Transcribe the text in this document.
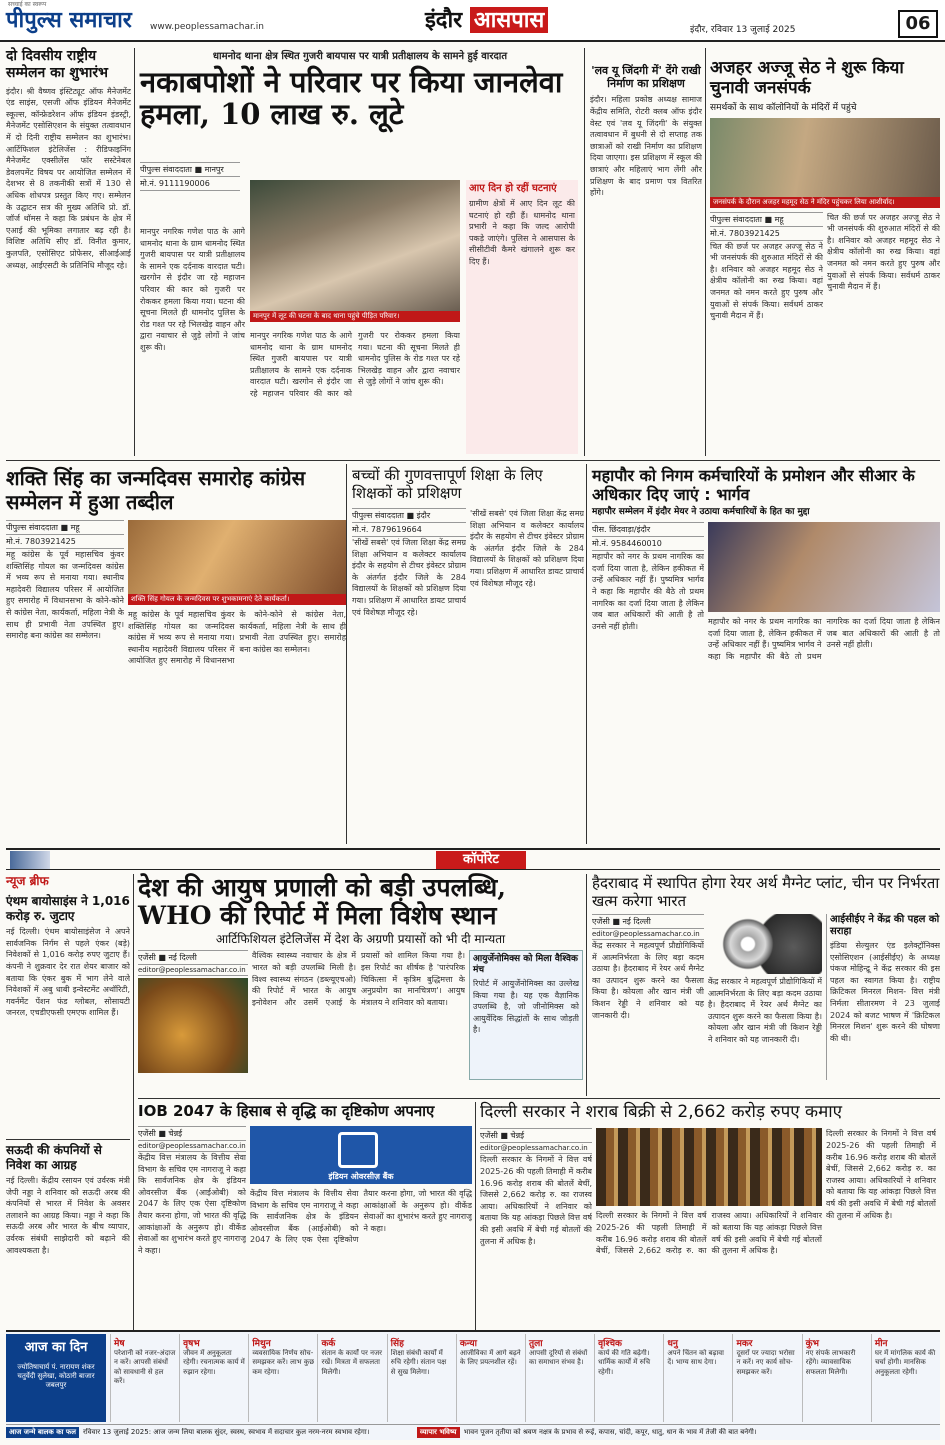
सच्चाई का स्वरूप
पीपुल्स समाचार www.peoplessamachar.in	इंदौर आसपास	इंदौर, रविवार 13 जुलाई 2025	06
दो दिवसीय राष्ट्रीय सम्मेलन का शुभारंभ
इंदौर। श्री वैष्णव इंस्टिट्यूट ऑफ मैनेजमेंट एंड साइंस, एसजी ऑफ इंडियन मैनेजमेंट स्कूल्स, कॉन्फ्रेडरेशन ऑफ इंडियन इंडस्ट्री, मैनेजमेंट एसोसिएशन के संयुक्त तत्वावधान में दो दिनी राष्ट्रीय सम्मेलन का शुभारंभ। आर्टिफिशल इंटेलिजेंस : रीडिफाइनिंग मैनेजमेंट एक्सीलेंस फॉर सस्टेनेबल डेवलपमेंट विषय पर आयोजित सम्मेलन में देशभर से 8 तकनीकी सत्रों में 130 से अधिक शोधपत्र प्रस्तुत किए गए। सम्मेलन के उद्घाटन सत्र की मुख्य अतिथि प्रो. डॉ. जॉर्ज थॉमस ने कहा कि प्रबंधन के क्षेत्र में एआई की भूमिका लगातार बढ़ रही है। विशिष्ट अतिथि सीए डॉ. विनीत कुमार, कुलपति, एसोसिएट प्रोफेसर, सीआईआई अध्यक्ष, आईएसटी के प्रतिनिधि मौजूद रहे।
धामनोद थाना क्षेत्र स्थित गुजरी बायपास पर यात्री प्रतीक्षालय के सामने हुई वारदात
नकाबपोशों ने परिवार पर किया जानलेवा हमला, 10 लाख रु. लूटे
पीपुल्स संवाददाता ■ मानपुर
मो.नं. 9111190006
मानपुर में लूट की घटना के बाद थाना पहुंचे पीड़ित परिवार।
मानपुर नगरिक गणेश पाठ के आगे धामनोद थाना के ग्राम धामनोद स्थित गुजरी बायपास पर यात्री प्रतीक्षालय के सामने एक दर्दनाक वारदात घटी। खरगोन से इंदौर जा रहे महाजन परिवार की कार को गुजरी पर रोककर हमला किया गया। घटना की सूचना मिलते ही धामनोद पुलिस के रोड गश्त पर रहे भिलखेड़ वाहन और द्वारा नवाचार से जुड़े लोगों ने जांच शुरू की।
मानपुर नगरिक गणेश पाठ के आगे धामनोद थाना के ग्राम धामनोद स्थित गुजरी बायपास पर यात्री प्रतीक्षालय के सामने एक दर्दनाक वारदात घटी। खरगोन से इंदौर जा रहे महाजन परिवार की कार को गुजरी पर रोककर हमला किया गया। घटना की सूचना मिलते ही धामनोद पुलिस के रोड गश्त पर रहे भिलखेड़ वाहन और द्वारा नवाचार से जुड़े लोगों ने जांच शुरू की।
आए दिन हो रहीं घटनाएं
ग्रामीण क्षेत्रों में आए दिन लूट की घटनाएं हो रही हैं। धामनोद थाना प्रभारी ने कहा कि जल्द आरोपी पकड़े जाएंगे। पुलिस ने आसपास के सीसीटीवी कैमरे खंगालने शुरू कर दिए हैं।
'लव यू जिंदगी में' देंगे राखी निर्माण का प्रशिक्षण
इंदौर। महिला प्रकोष्ठ अध्यक्ष सामाज केंद्रीय समिति, रोटरी क्लब ऑफ इंदौर वेस्ट एवं 'लव यू जिंदगी' के संयुक्त तत्वावधान में बुधनी से दो सप्ताह तक छात्राओं को राखी निर्माण का प्रशिक्षण दिया जाएगा। इस प्रशिक्षण में स्कूल की छात्राएं और महिलाएं भाग लेंगी और प्रशिक्षण के बाद प्रमाण पत्र वितरित होंगे।
अजहर अज्जू सेठ ने शुरू किया चुनावी जनसंपर्क
समर्थकों के साथ कॉलोनियों के मंदिरों में पहुंचे
जनसंपर्क के दौरान अजहर महमूद सेठ ने मंदिर पहुंचकर लिया आशीर्वाद।
पीपुल्स संवाददाता ■ महू
मो.नं. 7803921425
चित की छर्ज पर अजहर अज्जू सेठ ने भी जनसंपर्क की शुरुआत मंदिरों से की है। शनिवार को अजहर महमूद सेठ ने क्षेत्रीय कॉलोनी का रुख किया। वहां जनमत को नमन करते हुए पुरुष और युवाओं से संपर्क किया। सर्वधर्म ठाकर चुनावी मैदान में हैं।
चित की छर्ज पर अजहर अज्जू सेठ ने भी जनसंपर्क की शुरुआत मंदिरों से की है। शनिवार को अजहर महमूद सेठ ने क्षेत्रीय कॉलोनी का रुख किया। वहां जनमत को नमन करते हुए पुरुष और युवाओं से संपर्क किया। सर्वधर्म ठाकर चुनावी मैदान में हैं।
शक्ति सिंह का जन्मदिवस समारोह कांग्रेस सम्मेलन में हुआ तब्दील
पीपुल्स संवाददाता ■ महू
मो.नं. 7803921425
महू कांग्रेस के पूर्व महासचिव कुंवर शक्तिसिंह गोयल का जन्मदिवस कांग्रेस में भव्य रूप से मनाया गया। स्थानीय महादेवरी विद्यालय परिसर में आयोजित हुए समारोह में विधानसभा के कोने-कोने से कांग्रेस नेता, कार्यकर्ता, महिला नेत्री के साथ ही प्रभावी नेता उपस्थित हुए। समारोह बना कांग्रेस का सम्मेलन।
शक्ति सिंह गोयल के जन्मदिवस पर शुभकामनाएं देते कार्यकर्ता।
महू कांग्रेस के पूर्व महासचिव कुंवर शक्तिसिंह गोयल का जन्मदिवस कांग्रेस में भव्य रूप से मनाया गया। स्थानीय महादेवरी विद्यालय परिसर में आयोजित हुए समारोह में विधानसभा के कोने-कोने से कांग्रेस नेता, कार्यकर्ता, महिला नेत्री के साथ ही प्रभावी नेता उपस्थित हुए। समारोह बना कांग्रेस का सम्मेलन।
बच्चों की गुणवत्तापूर्ण शिक्षा के लिए शिक्षकों को प्रशिक्षण
पीपुल्स संवाददाता ■ इंदौर
मो.नं. 7879619664
'सीखें सबसे' एवं जिला शिक्षा केंद्र समग्र शिक्षा अभियान व कलेक्टर कार्यालय इंदौर के सहयोग से टीचर इंवेस्टर प्रोग्राम के अंतर्गत इंदौर जिले के 284 विद्यालयों के शिक्षकों को प्रशिक्षण दिया गया। प्रशिक्षण में आधारित डायट प्राचार्य एवं विशेषज्ञ मौजूद रहे।
'सीखें सबसे' एवं जिला शिक्षा केंद्र समग्र शिक्षा अभियान व कलेक्टर कार्यालय इंदौर के सहयोग से टीचर इंवेस्टर प्रोग्राम के अंतर्गत इंदौर जिले के 284 विद्यालयों के शिक्षकों को प्रशिक्षण दिया गया। प्रशिक्षण में आधारित डायट प्राचार्य एवं विशेषज्ञ मौजूद रहे।
महापौर को निगम कर्मचारियों के प्रमोशन और सीआर के अधिकार दिए जाएं : भार्गव
महापौर सम्मेलन में इंदौर मेयर ने उठाया कर्मचारियों के हित का मुद्दा
पीस. छिंदवाड़ा/इंदौर
मो.नं. 9584460010
महापौर को नगर के प्रथम नागरिक का दर्जा दिया जाता है, लेकिन हकीकत में उन्हें अधिकार नहीं हैं। पुष्यमित्र भार्गव ने कहा कि महापौर की बैठे तो प्रथम नागरिक का दर्जा दिया जाता है लेकिन जब बात अधिकारों की आती है तो उनसे नहीं होती।
महापौर को नगर के प्रथम नागरिक का दर्जा दिया जाता है, लेकिन हकीकत में उन्हें अधिकार नहीं हैं। पुष्यमित्र भार्गव ने कहा कि महापौर की बैठे तो प्रथम नागरिक का दर्जा दिया जाता है लेकिन जब बात अधिकारों की आती है तो उनसे नहीं होती।
कॉर्पोरेट
न्यूज ब्रीफ
एंथम बायोसाइंस ने 1,016 करोड़ रु. जुटाए
नई दिल्ली। एंथम बायोसाइंसेज ने अपने सार्वजनिक निर्गम से पहले एंकर (बड़े) निवेशकों से 1,016 करोड़ रुपए जुटाए हैं। कंपनी ने शुक्रवार देर रात शेयर बाजार को बताया कि एंकर बुक में भाग लेने वाले निवेशकों में अबु धाबी इन्वेस्टमेंट अथॉरिटी, गवर्नमेंट पेंशन फंड ग्लोबल, सोसायटी जनरल, एचडीएफसी एमएफ शामिल हैं।
सऊदी की कंपनियों से निवेश का आग्रह
नई दिल्ली। केंद्रीय रसायन एवं उर्वरक मंत्री जेपी नड्डा ने शनिवार को सऊदी अरब की कंपनियों से भारत में निवेश के अवसर तलाशने का आग्रह किया। नड्डा ने कहा कि सऊदी अरब और भारत के बीच व्यापार, उर्वरक संबंधी साझेदारी को बढ़ाने की आवश्यकता है।
देश की आयुष प्रणाली को बड़ी उपलब्धि, WHO की रिपोर्ट में मिला विशेष स्थान
आर्टिफिशियल इंटेलिजेंस में देश के अग्रणी प्रयासों को भी दी मान्यता
एजेंसी ■ नई दिल्ली
editor@peoplessamachar.co.in
वैश्विक स्वास्थ्य नवाचार के क्षेत्र में भारत को बड़ी उपलब्धि मिली है। विश्व स्वास्थ्य संगठन (डब्ल्यूएचओ) की रिपोर्ट में भारत के आयुष इनोवेशन और उसमें एआई के प्रयासों को शामिल किया गया है। इस रिपोर्ट का शीर्षक है 'पारंपरिक चिकित्सा में कृत्रिम बुद्धिमत्ता के अनुप्रयोग का मानचित्रण'। आयुष मंत्रालय ने शनिवार को बताया।
आयुर्जेनोमिक्स को मिला वैश्विक मंच
रिपोर्ट में आयुर्जेनोमिक्स का उल्लेख किया गया है। यह एक वैज्ञानिक उपलब्धि है, जो जीनोमिक्स को आयुर्वेदिक सिद्धांतों के साथ जोड़ती है।
हैदराबाद में स्थापित होगा रेयर अर्थ मैग्नेट प्लांट, चीन पर निर्भरता खत्म करेगा भारत
एजेंसी ■ नई दिल्ली
editor@peoplessamachar.co.in
केंद्र सरकार ने महत्वपूर्ण प्रौद्योगिकियों में आत्मनिर्भरता के लिए बड़ा कदम उठाया है। हैदराबाद में रेयर अर्थ मैग्नेट का उत्पादन शुरू करने का फैसला किया है। कोयला और खान मंत्री जी किशन रेड्डी ने शनिवार को यह जानकारी दी।
केंद्र सरकार ने महत्वपूर्ण प्रौद्योगिकियों में आत्मनिर्भरता के लिए बड़ा कदम उठाया है। हैदराबाद में रेयर अर्थ मैग्नेट का उत्पादन शुरू करने का फैसला किया है। कोयला और खान मंत्री जी किशन रेड्डी ने शनिवार को यह जानकारी दी।
आईसीईए ने केंद्र की पहल को सराहा
इंडिया सेल्युलर एंड इलेक्ट्रॉनिक्स एसोसिएशन (आईसीईए) के अध्यक्ष पंकज मोहिन्द्रू ने केंद्र सरकार की इस पहल का स्वागत किया है। राष्ट्रीय क्रिटिकल मिनरल मिशन- वित्त मंत्री निर्मला सीतारमण ने 23 जुलाई 2024 को बजट भाषण में 'क्रिटिकल मिनरल मिशन' शुरू करने की घोषणा की थी।
IOB 2047 के हिसाब से वृद्धि का दृष्टिकोण अपनाए
एजेंसी ■ चेन्नई
editor@peoplessamachar.co.in
केंद्रीय वित्त मंत्रालय के वित्तीय सेवा विभाग के सचिव एम नागराजू ने कहा कि सार्वजनिक क्षेत्र के इंडियन ओवरसीज बैंक (आईओबी) को 2047 के लिए एक ऐसा दृष्टिकोण तैयार करना होगा, जो भारत की वृद्धि आकांक्षाओं के अनुरूप हो। वीकेंड सेवाओं का शुभारंभ करते हुए नागराजू ने कहा।
इंडियन ओवरसीज़ बैंक
केंद्रीय वित्त मंत्रालय के वित्तीय सेवा विभाग के सचिव एम नागराजू ने कहा कि सार्वजनिक क्षेत्र के इंडियन ओवरसीज बैंक (आईओबी) को 2047 के लिए एक ऐसा दृष्टिकोण तैयार करना होगा, जो भारत की वृद्धि आकांक्षाओं के अनुरूप हो। वीकेंड सेवाओं का शुभारंभ करते हुए नागराजू ने कहा।
दिल्ली सरकार ने शराब बिक्री से 2,662 करोड़ रुपए कमाए
एजेंसी ■ चेन्नई
editor@peoplessamachar.co.in
दिल्ली सरकार के निगमों ने वित्त वर्ष 2025-26 की पहली तिमाही में करीब 16.96 करोड़ शराब की बोतलें बेचीं, जिससे 2,662 करोड़ रु. का राजस्व आया। अधिकारियों ने शनिवार को बताया कि यह आंकड़ा पिछले वित्त वर्ष की इसी अवधि में बेची गई बोतलों की तुलना में अधिक है।
दिल्ली सरकार के निगमों ने वित्त वर्ष 2025-26 की पहली तिमाही में करीब 16.96 करोड़ शराब की बोतलें बेचीं, जिससे 2,662 करोड़ रु. का राजस्व आया। अधिकारियों ने शनिवार को बताया कि यह आंकड़ा पिछले वित्त वर्ष की इसी अवधि में बेची गई बोतलों की तुलना में अधिक है।
दिल्ली सरकार के निगमों ने वित्त वर्ष 2025-26 की पहली तिमाही में करीब 16.96 करोड़ शराब की बोतलें बेचीं, जिससे 2,662 करोड़ रु. का राजस्व आया। अधिकारियों ने शनिवार को बताया कि यह आंकड़ा पिछले वित्त वर्ष की इसी अवधि में बेची गई बोतलों की तुलना में अधिक है।
आज का दिन
ज्योतिषाचार्य पं. नारायण शंकर चतुर्वेदी सुलेखा, कोठारी बाजार जबलपुर
मेष
परेशानी को नजर-अंदाज न करें। आपसी संबंधों को सावधानी से हल करें।
वृषभ
जीवन में अनुकूलता रहेगी। रचनात्मक कार्य में रुझान रहेगा।
मिथुन
व्यवसायिक निर्णय सोच-समझकर करें। लाभ कुछ कम रहेगा।
कर्क
संतान के कार्यों पर नजर रखें। मित्रता में सफलता मिलेगी।
सिंह
शिक्षा संबंधी कार्यों में रुचि रहेगी। संतान पक्ष से सुख मिलेगा।
कन्या
आजीविका में आगे बढ़ने के लिए प्रयत्नशील रहें।
तुला
आपसी दूरियों से संबंधों का समाधान संभव है।
वृश्चिक
कार्य की गति बढ़ेगी। धार्मिक कार्यों में रुचि रहेगी।
धनु
अपने चिंतन को बढ़ावा दें। भाग्य साथ देगा।
मकर
दूसरों पर ज्यादा भरोसा न करें। नए कार्य सोच-समझकर करें।
कुंभ
नए संपर्क लाभकारी रहेंगे। व्यावसायिक सफलता मिलेगी।
मीन
घर में मांगलिक कार्य की चर्चा होगी। मानसिक अनुकूलता रहेगी।
आज जन्मे बालक का फल	रविवार 13 जुलाई 2025: आज जन्म लिया बालक सुंदर, स्वस्थ, स्वभाव में सदाचार कुल नरम-नरम स्वभाव रहेगा।	व्यापार भविष्य	भावन पूजन तृतीया को श्रवण नक्षत्र के प्रभाव से रूई, कपास, चांदी, कपूर, धातु, धान के भाव में तेजी की बात बनेगी।
